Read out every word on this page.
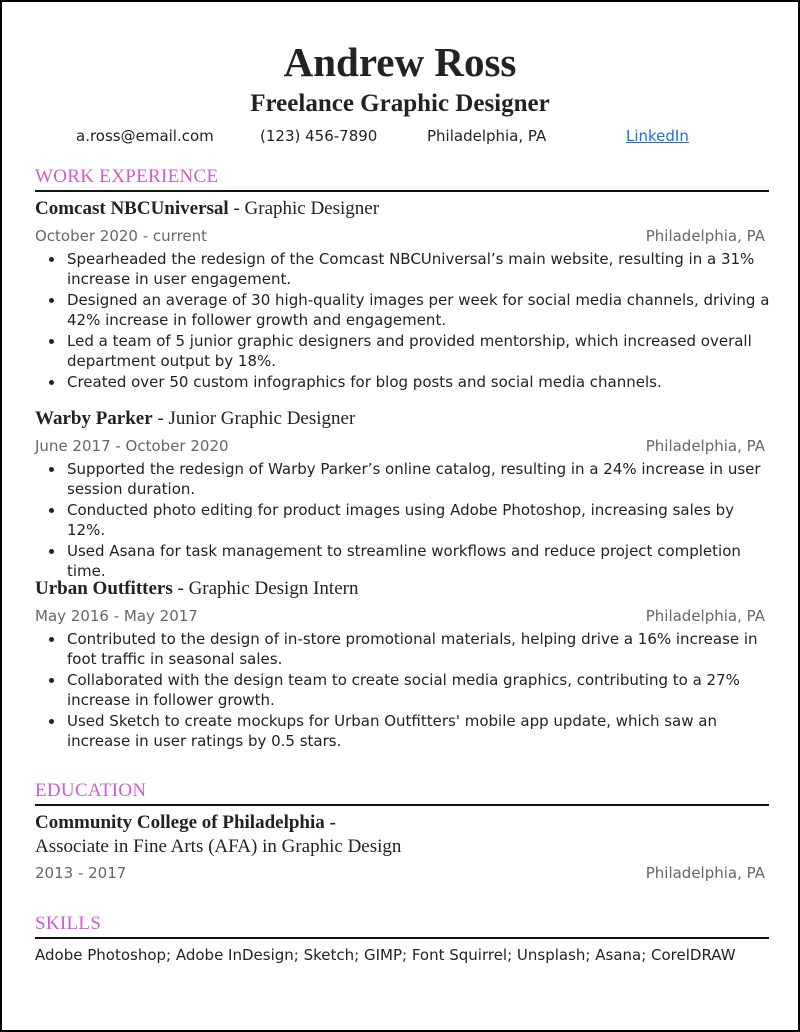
Andrew Ross
Freelance Graphic Designer
a.ross@email.com	(123) 456-7890	Philadelphia, PA	LinkedIn
WORK EXPERIENCE
Comcast NBCUniversal - Graphic Designer
October 2020 - current	Philadelphia, PA
Spearheaded the redesign of the Comcast NBCUniversal’s main website, resulting in a 31% increase in user engagement.
Designed an average of 30 high-quality images per week for social media channels, driving a 42% increase in follower growth and engagement.
Led a team of 5 junior graphic designers and provided mentorship, which increased overall department output by 18%.
Created over 50 custom infographics for blog posts and social media channels.
Warby Parker - Junior Graphic Designer
June 2017 - October 2020	Philadelphia, PA
Supported the redesign of Warby Parker’s online catalog, resulting in a 24% increase in user session duration.
Conducted photo editing for product images using Adobe Photoshop, increasing sales by 12%.
Used Asana for task management to streamline workflows and reduce project completion time.
Urban Outfitters - Graphic Design Intern
May 2016 - May 2017	Philadelphia, PA
Contributed to the design of in-store promotional materials, helping drive a 16% increase in foot traffic in seasonal sales.
Collaborated with the design team to create social media graphics, contributing to a 27% increase in follower growth.
Used Sketch to create mockups for Urban Outfitters' mobile app update, which saw an increase in user ratings by 0.5 stars.
EDUCATION
Community College of Philadelphia -
Associate in Fine Arts (AFA) in Graphic Design
2013 - 2017	Philadelphia, PA
SKILLS
Adobe Photoshop; Adobe InDesign; Sketch; GIMP; Font Squirrel; Unsplash; Asana; CorelDRAW
